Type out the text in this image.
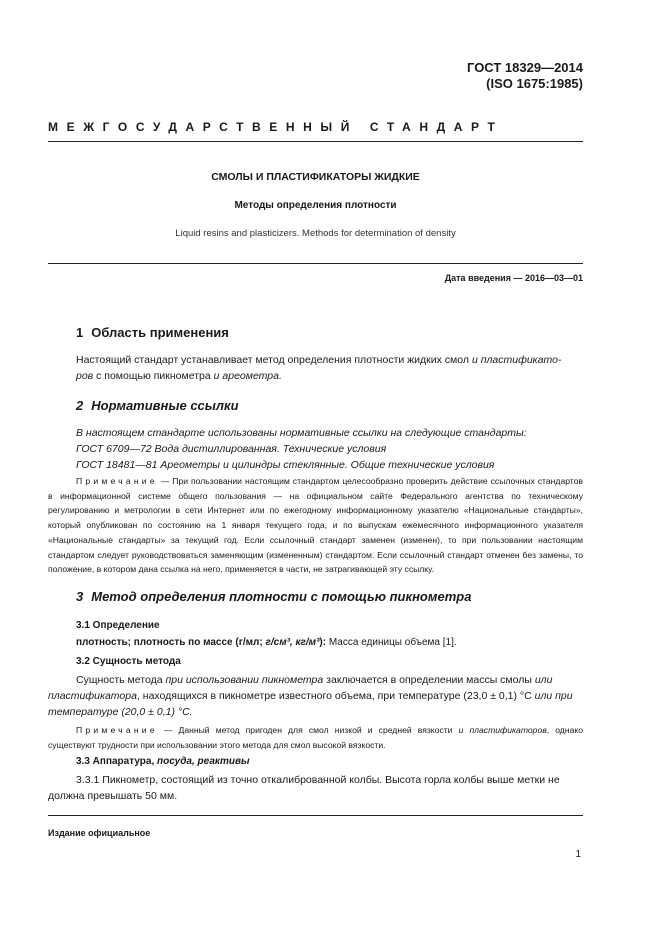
ГОСТ 18329—2014
(ISO 1675:1985)
МЕЖГОСУДАРСТВЕННЫЙ СТАНДАРТ
СМОЛЫ И ПЛАСТИФИКАТОРЫ ЖИДКИЕ
Методы определения плотности
Liquid resins and plasticizers. Methods for determination of density
Дата введения — 2016—03—01
1 Область применения
Настоящий стандарт устанавливает метод определения плотности жидких смол и пластификато-
ров с помощью пикнометра и ареометра.
2 Нормативные ссылки
В настоящем стандарте использованы нормативные ссылки на следующие стандарты:
ГОСТ 6709—72 Вода дистиллированная. Технические условия
ГОСТ 18481—81 Ареометры и цилиндры стеклянные. Общие технические условия
Примечание — При пользовании настоящим стандартом целесообразно проверить действие ссылочных стандартов в информационной системе общего пользования — на официальном сайте Федерального агентства по техническому регулированию и метрологии в сети Интернет или по ежегодному информационному указателю «Национальные стандарты», который опубликован по состоянию на 1 января текущего года, и по выпускам ежемесячного информационного указателя «Национальные стандарты» за текущий год. Если ссылочный стандарт заменен (изменен), то при пользовании настоящим стандартом следует руководствоваться заменяющим (измененным) стандартом. Если ссылочный стандарт отменен без замены, то положение, в котором дана ссылка на него, применяется в части, не затрагивающей эту ссылку.
3 Метод определения плотности с помощью пикнометра
3.1 Определение
плотность; плотность по массе (г/мл; г/см³, кг/м³): Масса единицы объема [1].
3.2 Сущность метода
Сущность метода при использовании пикнометра заключается в определении массы смолы или пластификатора, находящихся в пикнометре известного объема, при температуре (23,0 ± 0,1) °С или при температуре (20,0 ± 0,1) °С.
Примечание — Данный метод пригоден для смол низкой и средней вязкости и пластификаторов, однако существуют трудности при использовании этого метода для смол высокой вязкости.
3.3 Аппаратура, посуда, реактивы
3.3.1 Пикнометр, состоящий из точно откалиброванной колбы. Высота горла колбы выше метки не должна превышать 50 мм.
Издание официальное
1
